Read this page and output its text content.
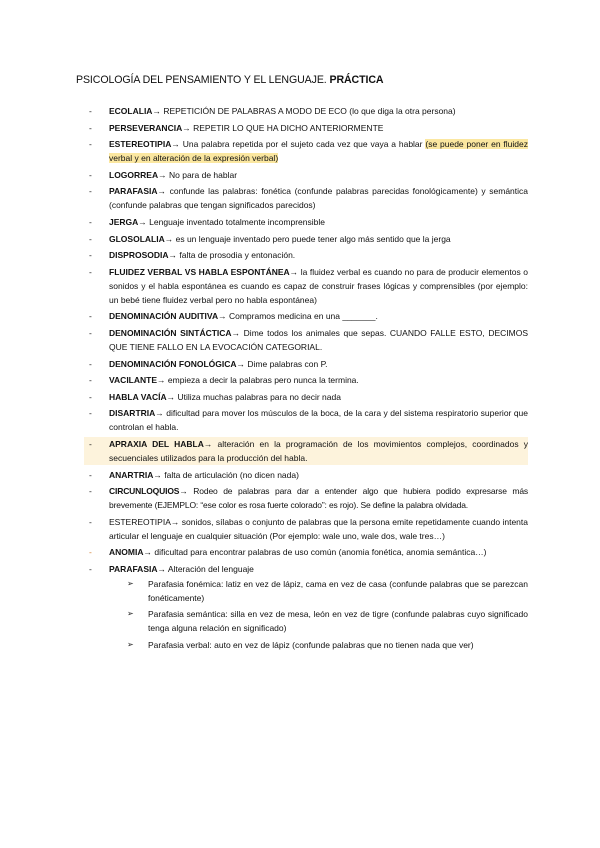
PSICOLOGÍA DEL PENSAMIENTO Y EL LENGUAJE. PRÁCTICA
- ECOLALIA→ REPETICIÓN DE PALABRAS A MODO DE ECO (lo que diga la otra persona)
- PERSEVERANCIA→ REPETIR LO QUE HA DICHO ANTERIORMENTE
- ESTEREOTIPIA→ Una palabra repetida por el sujeto cada vez que vaya a hablar (se puede poner en fluidez verbal y en alteración de la expresión verbal)
- LOGORREA→ No para de hablar
- PARAFASIA→ confunde las palabras: fonética (confunde palabras parecidas fonológicamente) y semántica (confunde palabras que tengan significados parecidos)
- JERGA→ Lenguaje inventado totalmente incomprensible
- GLOSOLALIA→ es un lenguaje inventado pero puede tener algo más sentido que la jerga
- DISPROSODIA→ falta de prosodia y entonación.
- FLUIDEZ VERBAL VS HABLA ESPONTÁNEA→ la fluidez verbal es cuando no para de producir elementos o sonidos y el habla espontánea es cuando es capaz de construir frases lógicas y comprensibles (por ejemplo: un bebé tiene fluidez verbal pero no habla espontánea)
- DENOMINACIÓN AUDITIVA→ Compramos medicina en una _______.
- DENOMINACIÓN SINTÁCTICA→ Dime todos los animales que sepas. CUANDO FALLE ESTO, DECIMOS QUE TIENE FALLO EN LA EVOCACIÓN CATEGORIAL.
- DENOMINACIÓN FONOLÓGICA→ Dime palabras con P.
- VACILANTE→ empieza a decir la palabras pero nunca la termina.
- HABLA VACÍA→ Utiliza muchas palabras para no decir nada
- DISARTRIA→ dificultad para mover los músculos de la boca, de la cara y del sistema respiratorio superior que controlan el habla.
- APRAXIA DEL HABLA→ alteración en la programación de los movimientos complejos, coordinados y secuenciales utilizados para la producción del habla.
- ANARTRIA→ falta de articulación (no dicen nada)
- CIRCUNLOQUIOS→ Rodeo de palabras para dar a entender algo que hubiera podido expresarse más brevemente (EJEMPLO: “ese color es rosa fuerte colorado”: es rojo). Se define la palabra olvidada.
- ESTEREOTIPIA→ sonidos, sílabas o conjunto de palabras que la persona emite repetidamente cuando intenta articular el lenguaje en cualquier situación (Por ejemplo: wale uno, wale dos, wale tres…)
- ANOMIA→ dificultad para encontrar palabras de uso común (anomia fonética, anomia semántica…)
- PARAFASIA→ Alteración del lenguaje
➢ Parafasia fonémica: latiz en vez de lápiz, cama en vez de casa (confunde palabras que se parezcan fonéticamente)
➢ Parafasia semántica: silla en vez de mesa, león en vez de tigre (confunde palabras cuyo significado tenga alguna relación en significado)
➢ Parafasia verbal: auto en vez de lápiz (confunde palabras que no tienen nada que ver)
